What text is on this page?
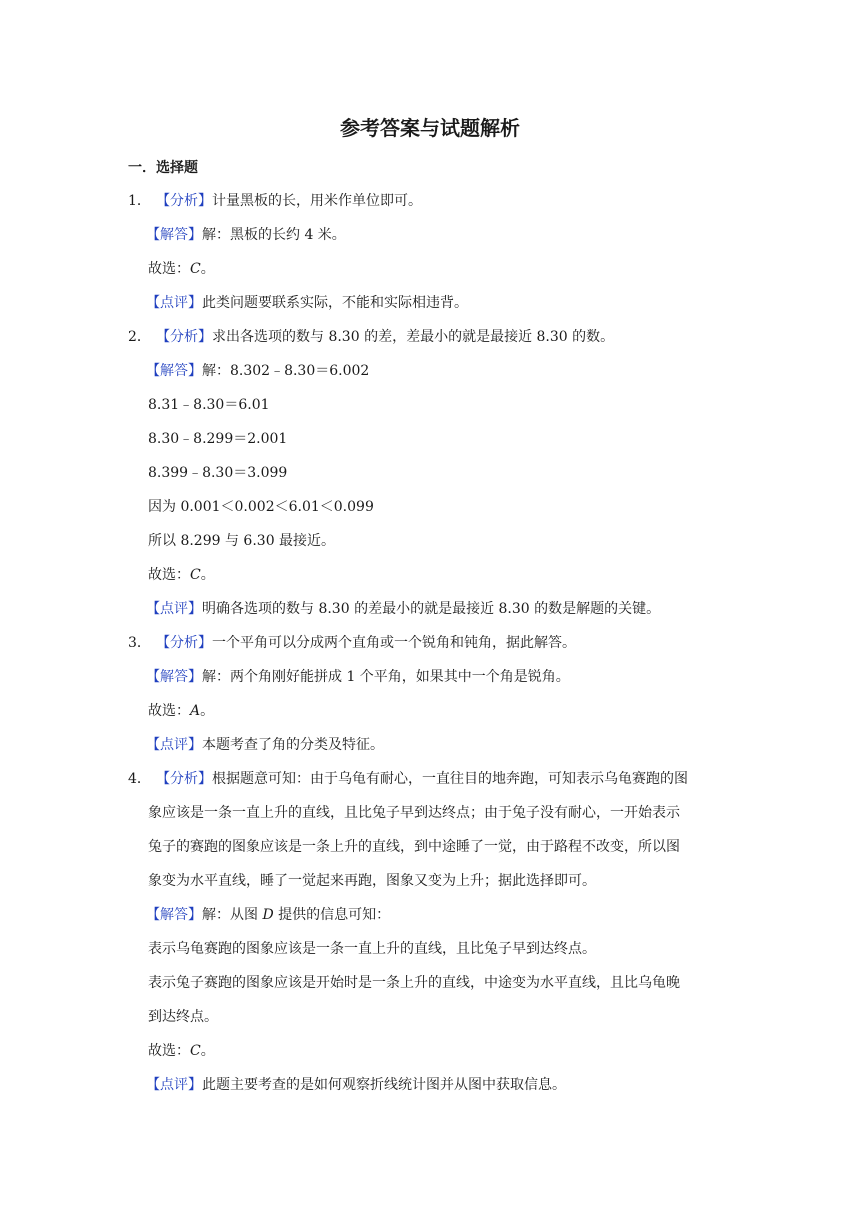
参考答案与试题解析
一．选择题
1． 【分析】计量黑板的长，用米作单位即可。
【解答】解：黑板的长约 4 米。
故选：C。
【点评】此类问题要联系实际，不能和实际相违背。
2． 【分析】求出各选项的数与 8.30 的差，差最小的就是最接近 8.30 的数。
【解答】解：8.302﹣8.30＝6.002
8.31﹣8.30＝6.01
8.30﹣8.299＝2.001
8.399﹣8.30＝3.099
因为 0.001＜0.002＜6.01＜0.099
所以 8.299 与 6.30 最接近。
故选：C。
【点评】明确各选项的数与 8.30 的差最小的就是最接近 8.30 的数是解题的关键。
3． 【分析】一个平角可以分成两个直角或一个锐角和钝角，据此解答。
【解答】解：两个角刚好能拼成 1 个平角，如果其中一个角是锐角。
故选：A。
【点评】本题考查了角的分类及特征。
4． 【分析】根据题意可知：由于乌龟有耐心，一直往目的地奔跑，可知表示乌龟赛跑的图
象应该是一条一直上升的直线，且比兔子早到达终点；由于兔子没有耐心，一开始表示
兔子的赛跑的图象应该是一条上升的直线，到中途睡了一觉，由于路程不改变，所以图
象变为水平直线，睡了一觉起来再跑，图象又变为上升；据此选择即可。
【解答】解：从图 D 提供的信息可知：
表示乌龟赛跑的图象应该是一条一直上升的直线，且比兔子早到达终点。
表示兔子赛跑的图象应该是开始时是一条上升的直线，中途变为水平直线，且比乌龟晚
到达终点。
故选：C。
【点评】此题主要考查的是如何观察折线统计图并从图中获取信息。
